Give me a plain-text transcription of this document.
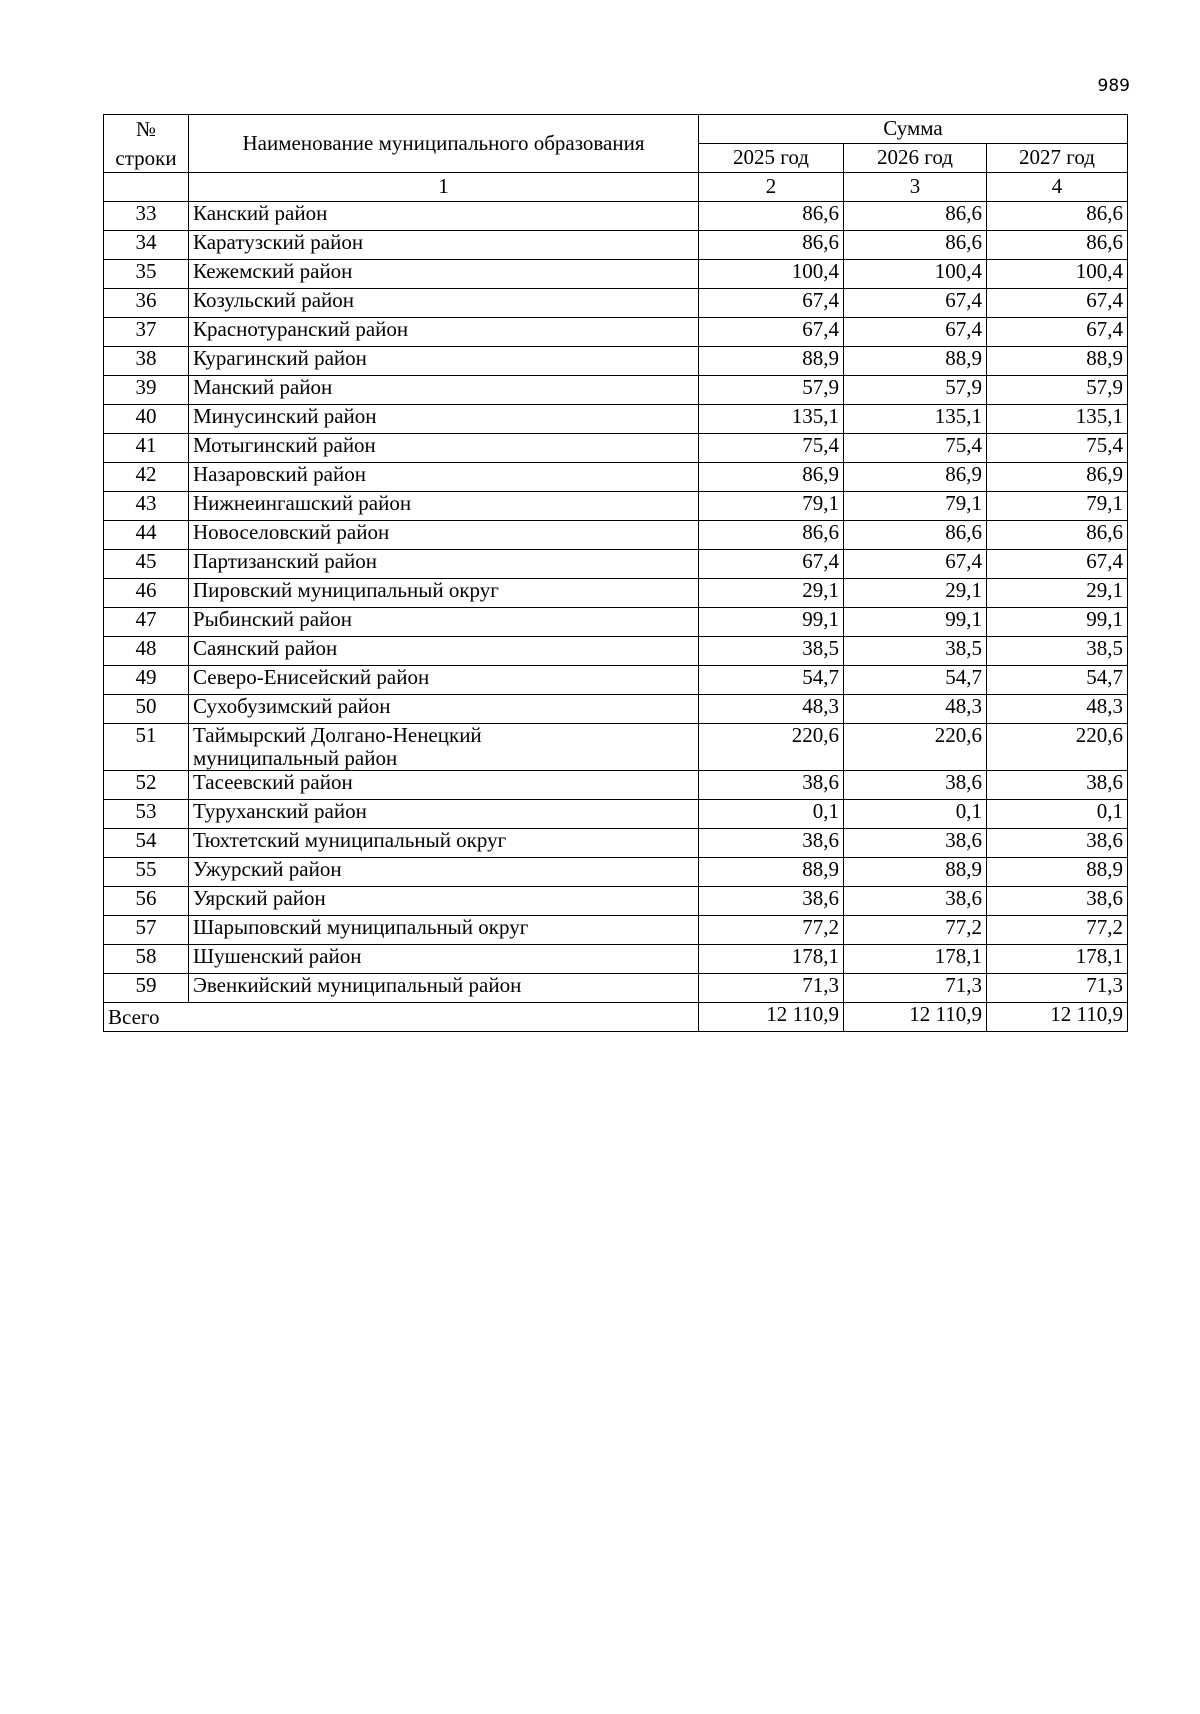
989
№
строки	Наименование муниципального образования	Сумма		
		2025 год	2026 год	2027 год
	1	2	3	4
33	Канский район	86,6	86,6	86,6
34	Каратузский район	86,6	86,6	86,6
35	Кежемский район	100,4	100,4	100,4
36	Козульский район	67,4	67,4	67,4
37	Краснотуранский район	67,4	67,4	67,4
38	Курагинский район	88,9	88,9	88,9
39	Манский район	57,9	57,9	57,9
40	Минусинский район	135,1	135,1	135,1
41	Мотыгинский район	75,4	75,4	75,4
42	Назаровский район	86,9	86,9	86,9
43	Нижнеингашский район	79,1	79,1	79,1
44	Новоселовский район	86,6	86,6	86,6
45	Партизанский район	67,4	67,4	67,4
46	Пировский муниципальный округ	29,1	29,1	29,1
47	Рыбинский район	99,1	99,1	99,1
48	Саянский район	38,5	38,5	38,5
49	Северо-Енисейский район	54,7	54,7	54,7
50	Сухобузимский район	48,3	48,3	48,3
51	Таймырский Долгано-Ненецкий
муниципальный район	220,6	220,6	220,6
52	Тасеевский район	38,6	38,6	38,6
53	Туруханский район	0,1	0,1	0,1
54	Тюхтетский муниципальный округ	38,6	38,6	38,6
55	Ужурский район	88,9	88,9	88,9
56	Уярский район	38,6	38,6	38,6
57	Шарыповский муниципальный округ	77,2	77,2	77,2
58	Шушенский район	178,1	178,1	178,1
59	Эвенкийский муниципальный район	71,3	71,3	71,3
Всего		12 110,9	12 110,9	12 110,9
